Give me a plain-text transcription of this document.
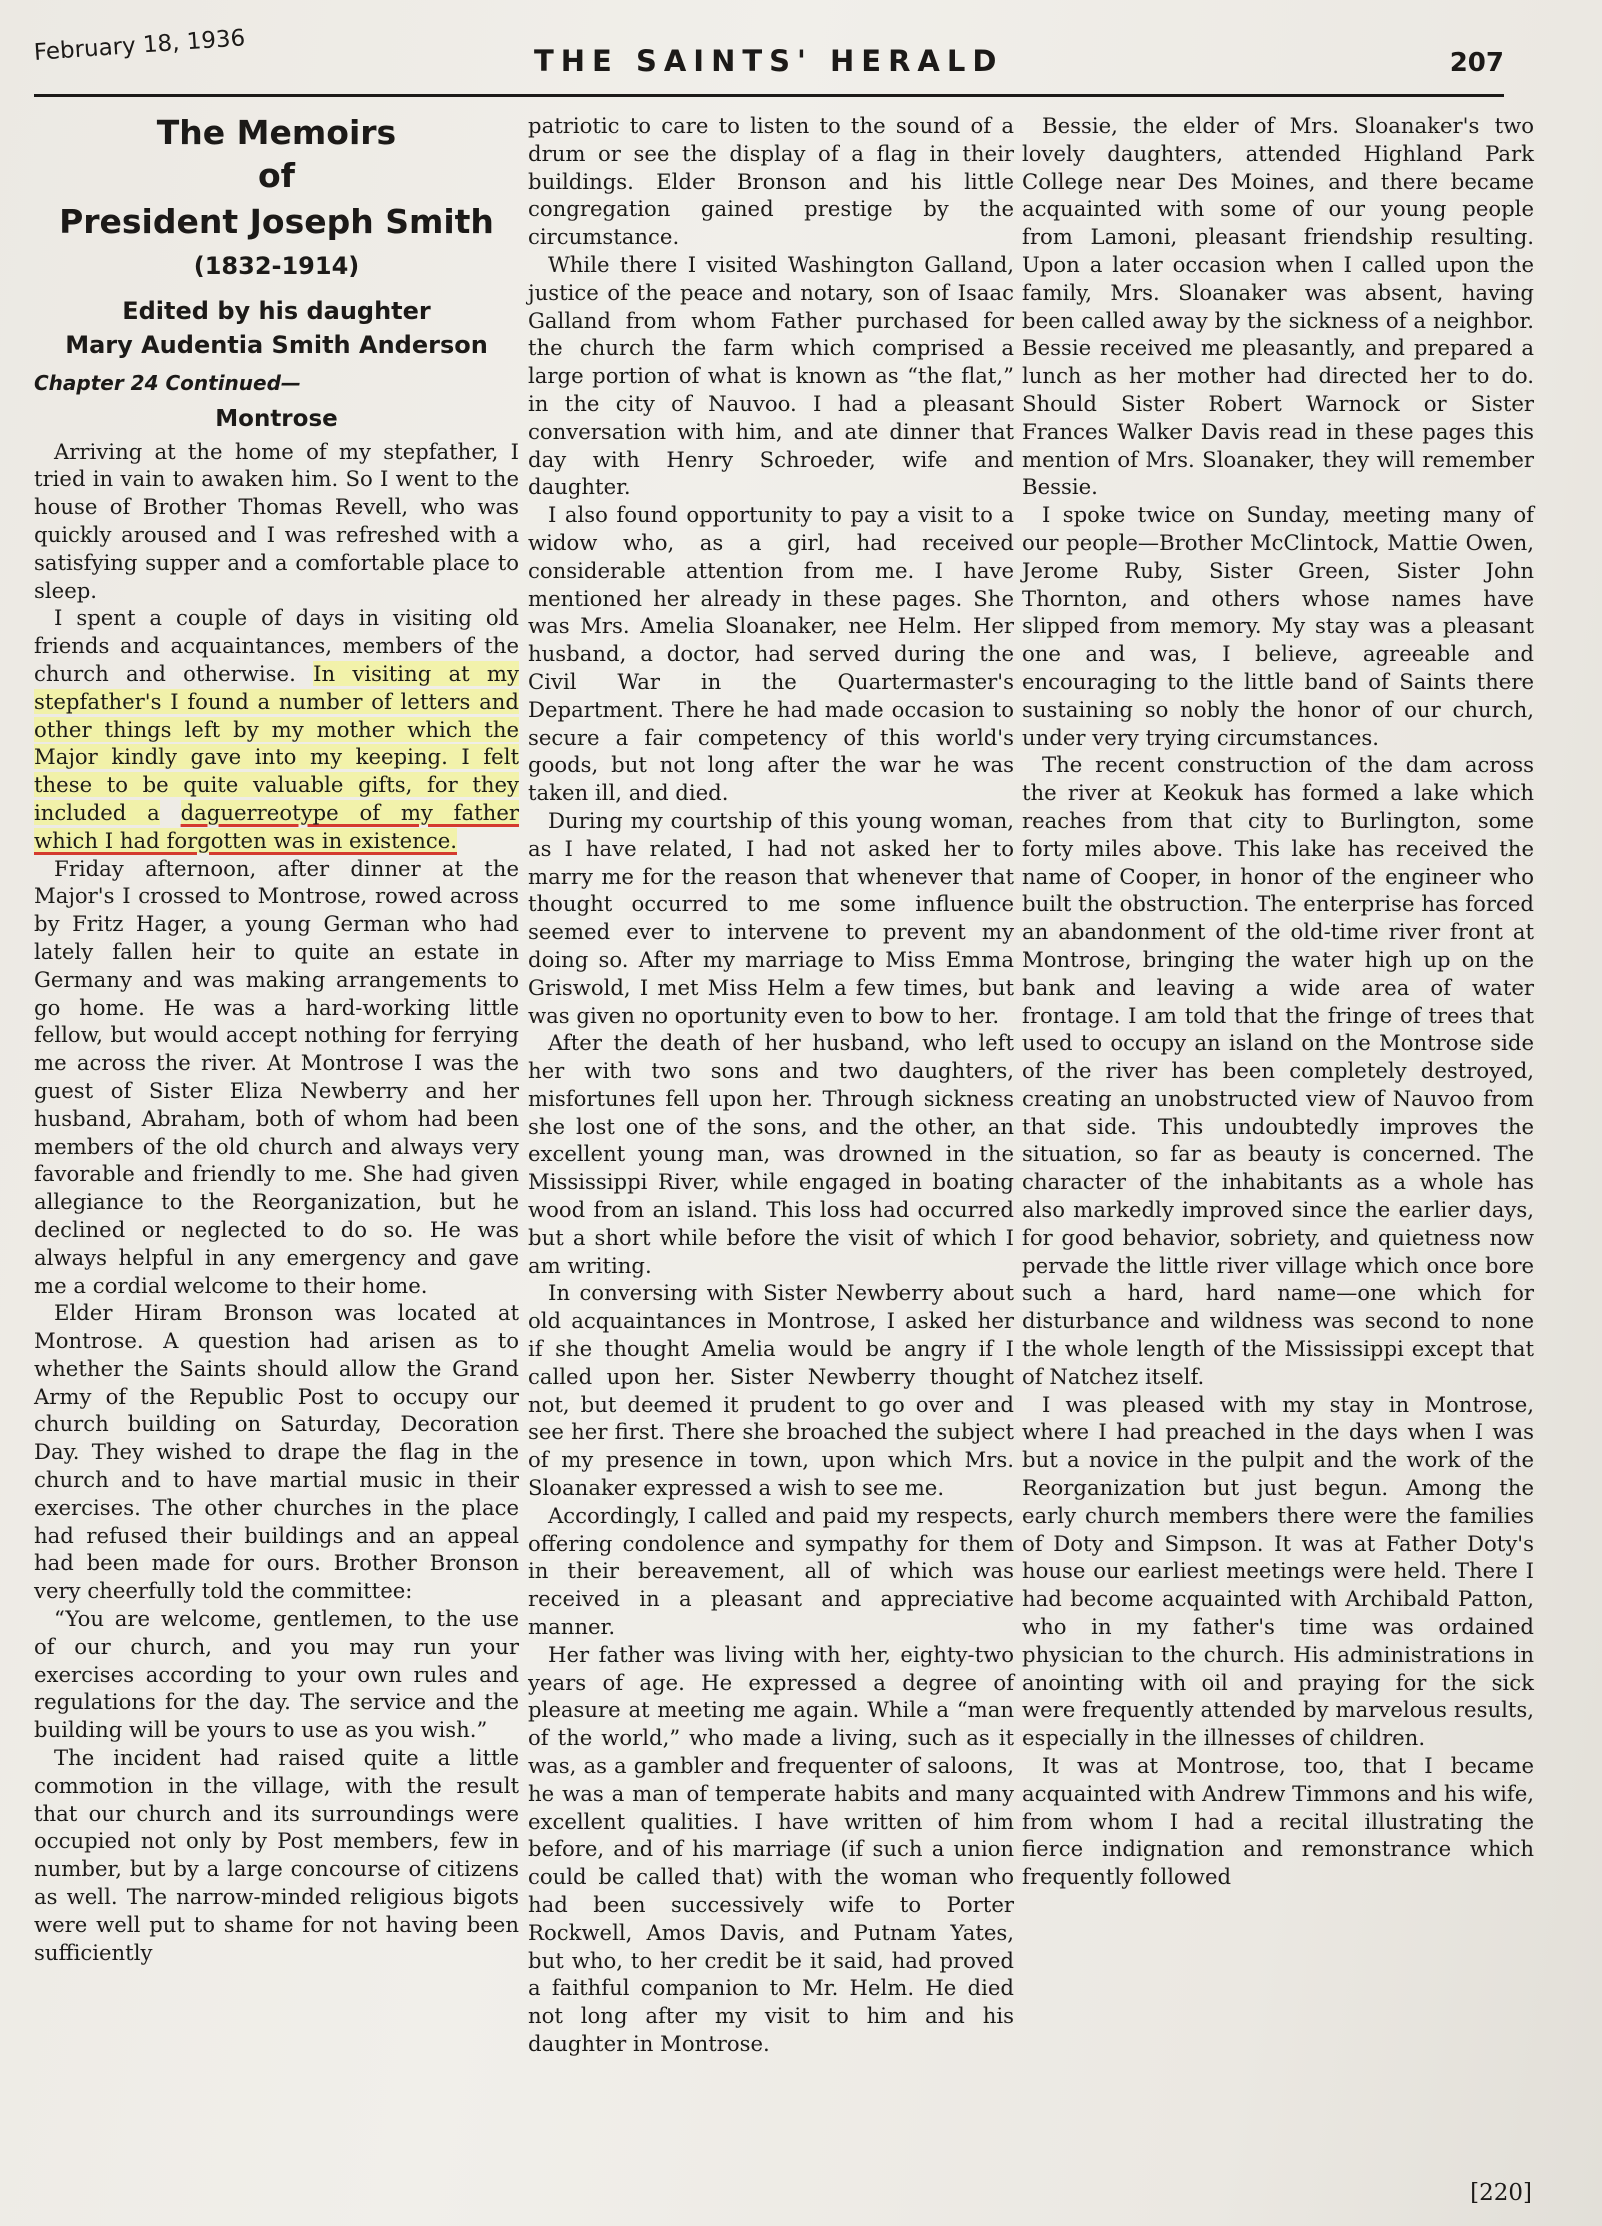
February 18, 1936	THE SAINTS' HERALD	207
The Memoirs
of
President Joseph Smith
(1832-1914)
Edited by his daughter
Mary Audentia Smith Anderson
Chapter 24 Continued—
Montrose

Arriving at the home of my stepfather, I tried in vain to awaken him. So I went to the house of Brother Thomas Revell, who was quickly aroused and I was refreshed with a satisfying supper and a comfortable place to sleep.

I spent a couple of days in visiting old friends and acquaintances, members of the church and otherwise. In visiting at my stepfather's I found a number of letters and other things left by my mother which the Major kindly gave into my keeping. I felt these to be quite valuable gifts, for they included a daguerreotype of my father which I had forgotten was in existence.

Friday afternoon, after dinner at the Major's I crossed to Montrose, rowed across by Fritz Hager, a young German who had lately fallen heir to quite an estate in Germany and was making arrangements to go home. He was a hard-working little fellow, but would accept nothing for ferrying me across the river. At Montrose I was the guest of Sister Eliza Newberry and her husband, Abraham, both of whom had been members of the old church and always very favorable and friendly to me. She had given allegiance to the Reorganization, but he declined or neglected to do so. He was always helpful in any emergency and gave me a cordial welcome to their home.

Elder Hiram Bronson was located at Montrose. A question had arisen as to whether the Saints should allow the Grand Army of the Republic Post to occupy our church building on Saturday, Decoration Day. They wished to drape the flag in the church and to have martial music in their exercises. The other churches in the place had refused their buildings and an appeal had been made for ours. Brother Bronson very cheerfully told the committee:

“You are welcome, gentlemen, to the use of our church, and you may run your exercises according to your own rules and regulations for the day. The service and the building will be yours to use as you wish.”

The incident had raised quite a little commotion in the village, with the result that our church and its surroundings were occupied not only by Post members, few in number, but by a large concourse of citizens as well. The narrow-minded religious bigots were well put to shame for not having been sufficiently

patriotic to care to listen to the sound of a drum or see the display of a flag in their buildings. Elder Bronson and his little congregation gained prestige by the circumstance.

While there I visited Washington Galland, justice of the peace and notary, son of Isaac Galland from whom Father purchased for the church the farm which comprised a large portion of what is known as “the flat,” in the city of Nauvoo. I had a pleasant conversation with him, and ate dinner that day with Henry Schroeder, wife and daughter.

I also found opportunity to pay a visit to a widow who, as a girl, had received considerable attention from me. I have mentioned her already in these pages. She was Mrs. Amelia Sloanaker, nee Helm. Her husband, a doctor, had served during the Civil War in the Quartermaster's Department. There he had made occasion to secure a fair competency of this world's goods, but not long after the war he was taken ill, and died.

During my courtship of this young woman, as I have related, I had not asked her to marry me for the reason that whenever that thought occurred to me some influence seemed ever to intervene to prevent my doing so. After my marriage to Miss Emma Griswold, I met Miss Helm a few times, but was given no oportunity even to bow to her.

After the death of her husband, who left her with two sons and two daughters, misfortunes fell upon her. Through sickness she lost one of the sons, and the other, an excellent young man, was drowned in the Mississippi River, while engaged in boating wood from an island. This loss had occurred but a short while before the visit of which I am writing.

In conversing with Sister Newberry about old acquaintances in Montrose, I asked her if she thought Amelia would be angry if I called upon her. Sister Newberry thought not, but deemed it prudent to go over and see her first. There she broached the subject of my presence in town, upon which Mrs. Sloanaker expressed a wish to see me.

Accordingly, I called and paid my respects, offering condolence and sympathy for them in their bereavement, all of which was received in a pleasant and appreciative manner.

Her father was living with her, eighty-two years of age. He expressed a degree of pleasure at meeting me again. While a “man of the world,” who made a living, such as it was, as a gambler and frequenter of saloons, he was a man of temperate habits and many excellent qualities. I have written of him before, and of his marriage (if such a union could be called that) with the woman who had been successively wife to Porter Rockwell, Amos Davis, and Putnam Yates, but who, to her credit be it said, had proved a faithful companion to Mr. Helm. He died not long after my visit to him and his daughter in Montrose.

Bessie, the elder of Mrs. Sloanaker's two lovely daughters, attended Highland Park College near Des Moines, and there became acquainted with some of our young people from Lamoni, pleasant friendship resulting. Upon a later occasion when I called upon the family, Mrs. Sloanaker was absent, having been called away by the sickness of a neighbor. Bessie received me pleasantly, and prepared a lunch as her mother had directed her to do. Should Sister Robert Warnock or Sister Frances Walker Davis read in these pages this mention of Mrs. Sloanaker, they will remember Bessie.

I spoke twice on Sunday, meeting many of our people—Brother McClintock, Mattie Owen, Jerome Ruby, Sister Green, Sister John Thornton, and others whose names have slipped from memory. My stay was a pleasant one and was, I believe, agreeable and encouraging to the little band of Saints there sustaining so nobly the honor of our church, under very trying circumstances.

The recent construction of the dam across the river at Keokuk has formed a lake which reaches from that city to Burlington, some forty miles above. This lake has received the name of Cooper, in honor of the engineer who built the obstruction. The enterprise has forced an abandonment of the old-time river front at Montrose, bringing the water high up on the bank and leaving a wide area of water frontage. I am told that the fringe of trees that used to occupy an island on the Montrose side of the river has been completely destroyed, creating an unobstructed view of Nauvoo from that side. This undoubtedly improves the situation, so far as beauty is concerned. The character of the inhabitants as a whole has also markedly improved since the earlier days, for good behavior, sobriety, and quietness now pervade the little river village which once bore such a hard, hard name—one which for disturbance and wildness was second to none the whole length of the Mississippi except that of Natchez itself.

I was pleased with my stay in Montrose, where I had preached in the days when I was but a novice in the pulpit and the work of the Reorganization but just begun. Among the early church members there were the families of Doty and Simpson. It was at Father Doty's house our earliest meetings were held. There I had become acquainted with Archibald Patton, who in my father's time was ordained physician to the church. His administrations in anointing with oil and praying for the sick were frequently attended by marvelous results, especially in the illnesses of children.

It was at Montrose, too, that I became acquainted with Andrew Timmons and his wife, from whom I had a recital illustrating the fierce indignation and remonstrance which frequently followed

[220]
